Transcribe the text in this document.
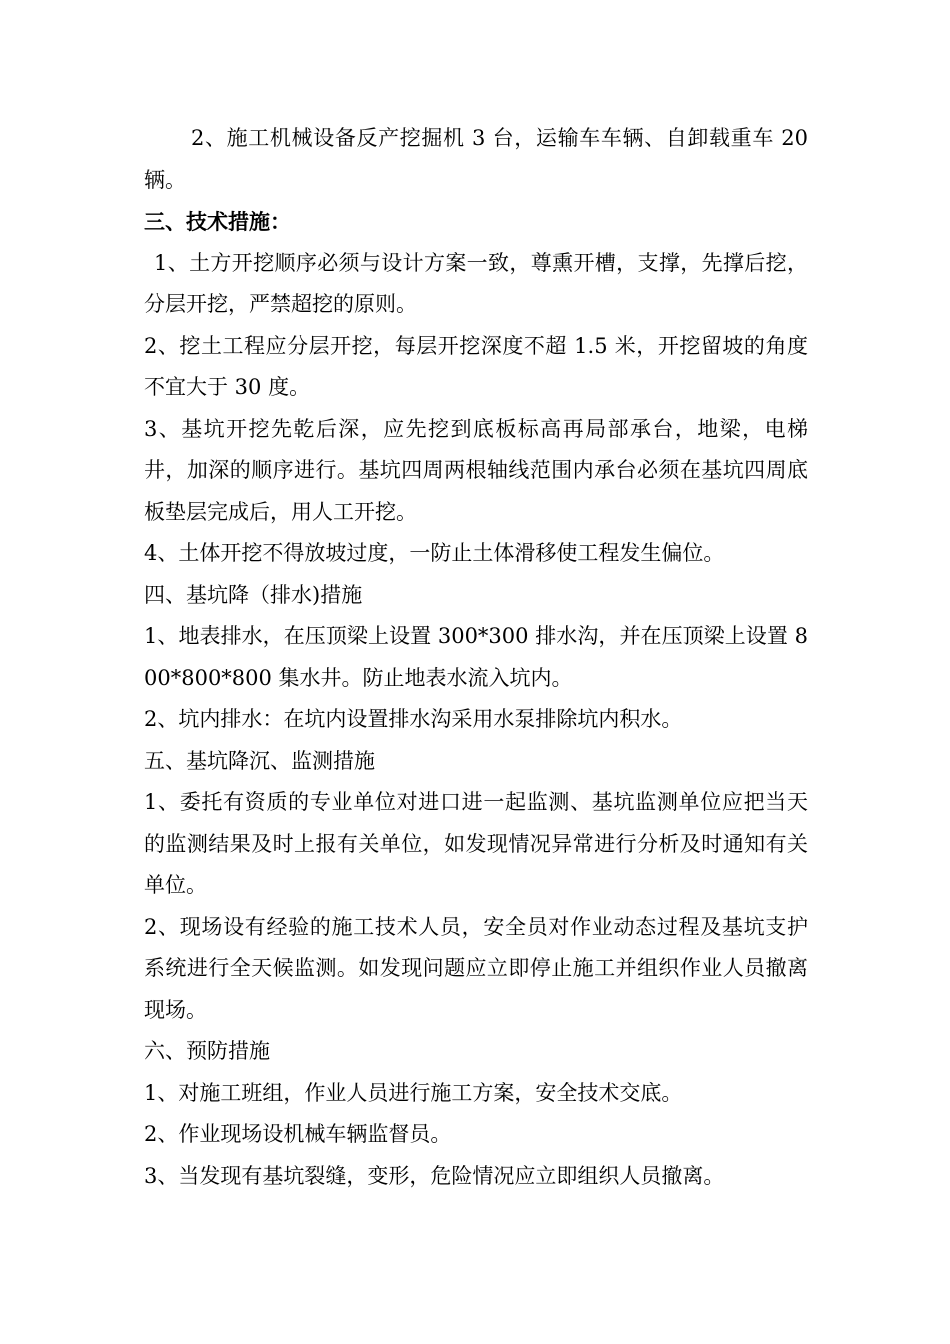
2、施工机械设备反产挖掘机 3 台，运输车车辆、自卸载重车 20 辆。

三、技术措施：

1、土方开挖顺序必须与设计方案一致，尊熏开槽，支撑，先撑后挖，分层开挖，严禁超挖的原则。

2、挖土工程应分层开挖，每层开挖深度不超 1.5 米，开挖留坡的角度不宜大于 30 度。

3、基坑开挖先乾后深，应先挖到底板标高再局部承台，地梁，电梯井，加深的顺序进行。基坑四周两根轴线范围内承台必须在基坑四周底板垫层完成后，用人工开挖。

4、土体开挖不得放坡过度，一防止土体滑移使工程发生偏位。

四、基坑降（排水)措施

1、地表排水，在压顶梁上设置 300*300 排水沟，并在压顶梁上设置 800*800*800 集水井。防止地表水流入坑内。

2、坑内排水：在坑内设置排水沟采用水泵排除坑内积水。

五、基坑降沉、监测措施

1、委托有资质的专业单位对进口进一起监测、基坑监测单位应把当天的监测结果及时上报有关单位，如发现情况异常进行分析及时通知有关单位。

2、现场设有经验的施工技术人员，安全员对作业动态过程及基坑支护系统进行全天候监测。如发现问题应立即停止施工并组织作业人员撤离现场。

六、预防措施

1、对施工班组，作业人员进行施工方案，安全技术交底。

2、作业现场设机械车辆监督员。

3、当发现有基坑裂缝，变形，危险情况应立即组织人员撤离。
